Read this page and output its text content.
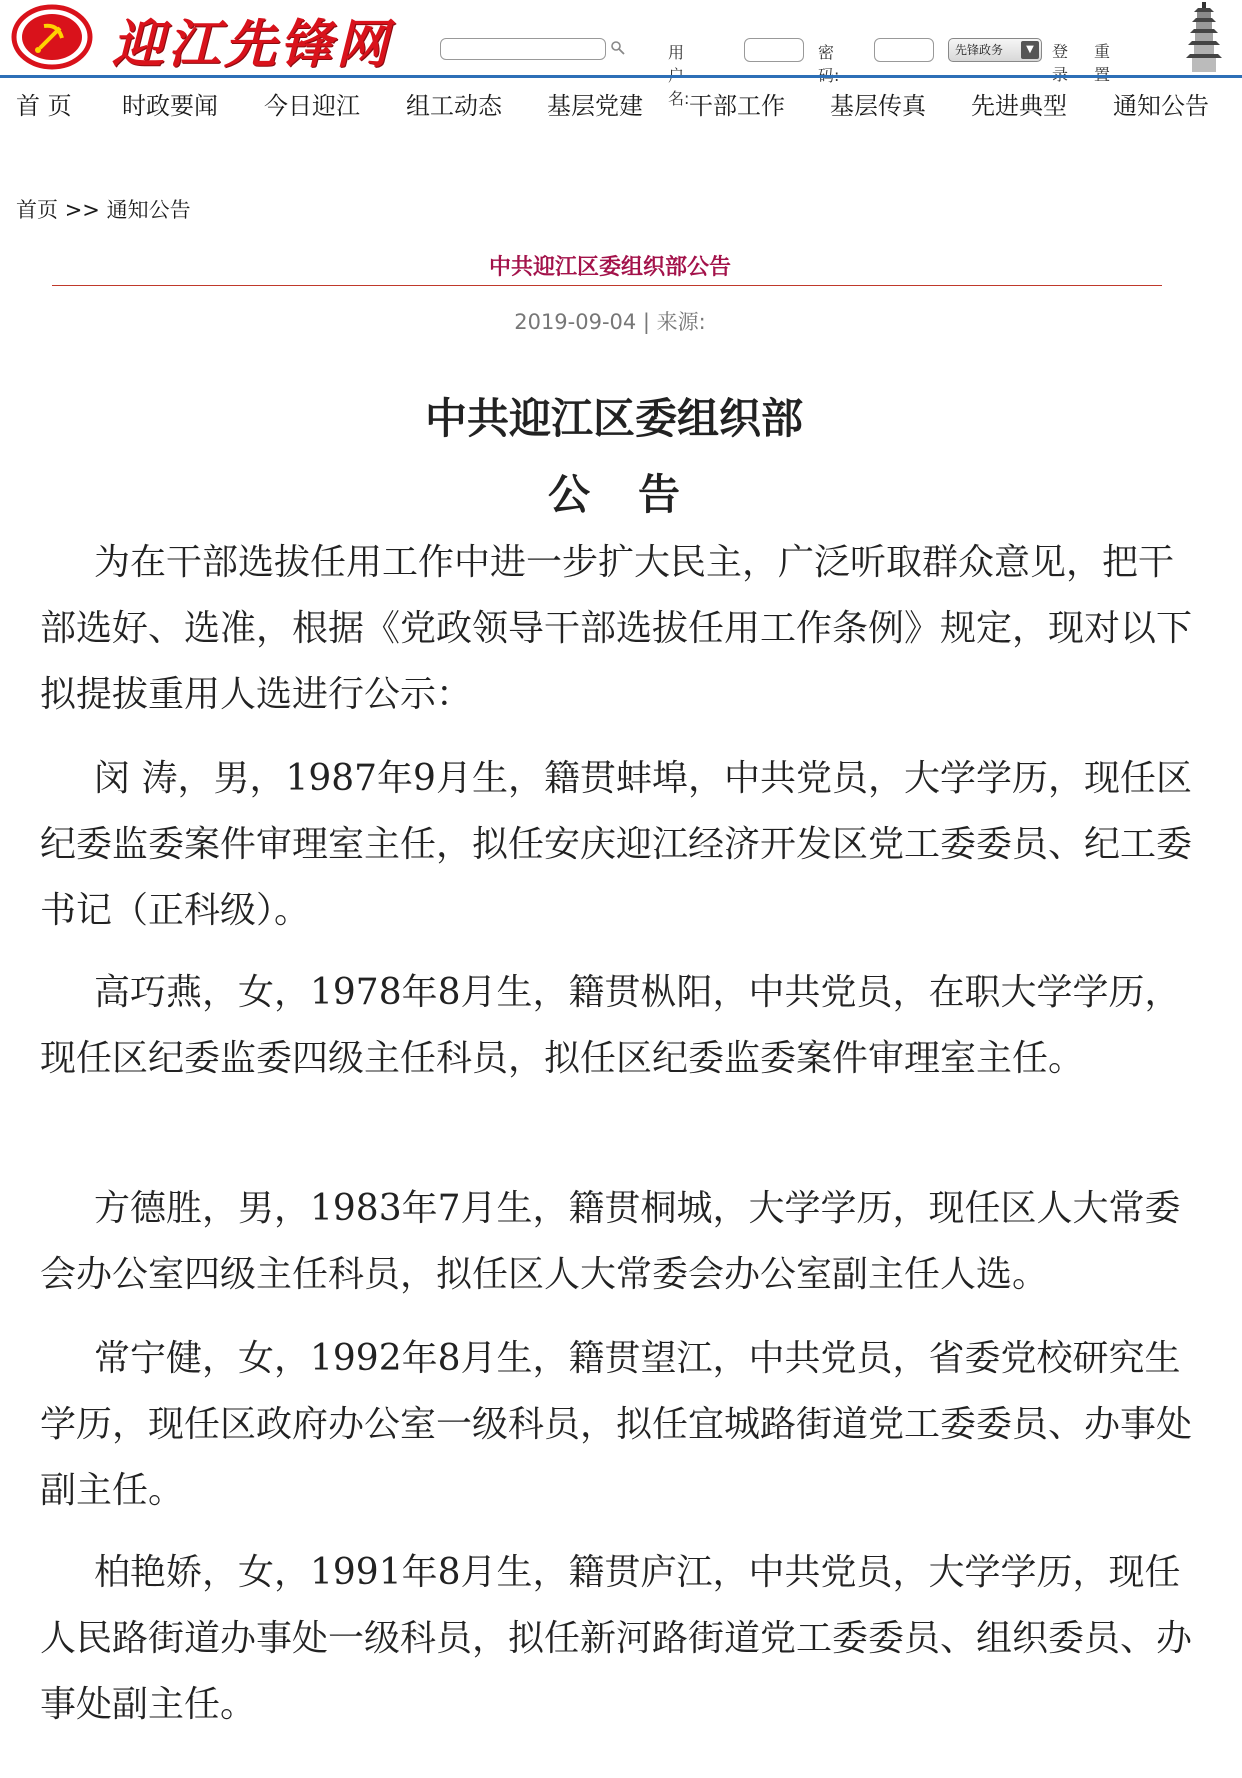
迎江先锋网	用 名:
密	先锋政务	▼	登 重
首 页 时政要闻 今日迎江 组工动态 基层党建 干部工作 基层传真 先进典型 通知公告
首页 >> 通知公告
中共迎江区委组织部公告
2019-09-04 | 来源:
中共迎江区委组织部
公告

为在干部选拔任用工作中进一步扩大民主，广泛听取群众意见，把干部选好、选准，根据《党政领导干部选拔任用工作条例》规定，现对以下拟提拔重用人选进行公示：

闵 涛，男，1987年9月生，籍贯蚌埠，中共党员，大学学历，现任区纪委监委案件审理室主任，拟任安庆迎江经济开发区党工委委员、纪工委书记（正科级）。

高巧燕，女，1978年8月生，籍贯枞阳，中共党员，在职大学学历，现任区纪委监委四级主任科员，拟任区纪委监委案件审理室主任。

方德胜，男，1983年7月生，籍贯桐城，大学学历，现任区人大常委会办公室四级主任科员，拟任区人大常委会办公室副主任人选。

常宁健，女，1992年8月生，籍贯望江，中共党员，省委党校研究生学历，现任区政府办公室一级科员，拟任宜城路街道党工委委员、办事处副主任。

柏艳娇，女，1991年8月生，籍贯庐江，中共党员，大学学历，现任人民路街道办事处一级科员，拟任新河路街道党工委委员、组织委员、办事处副主任。
